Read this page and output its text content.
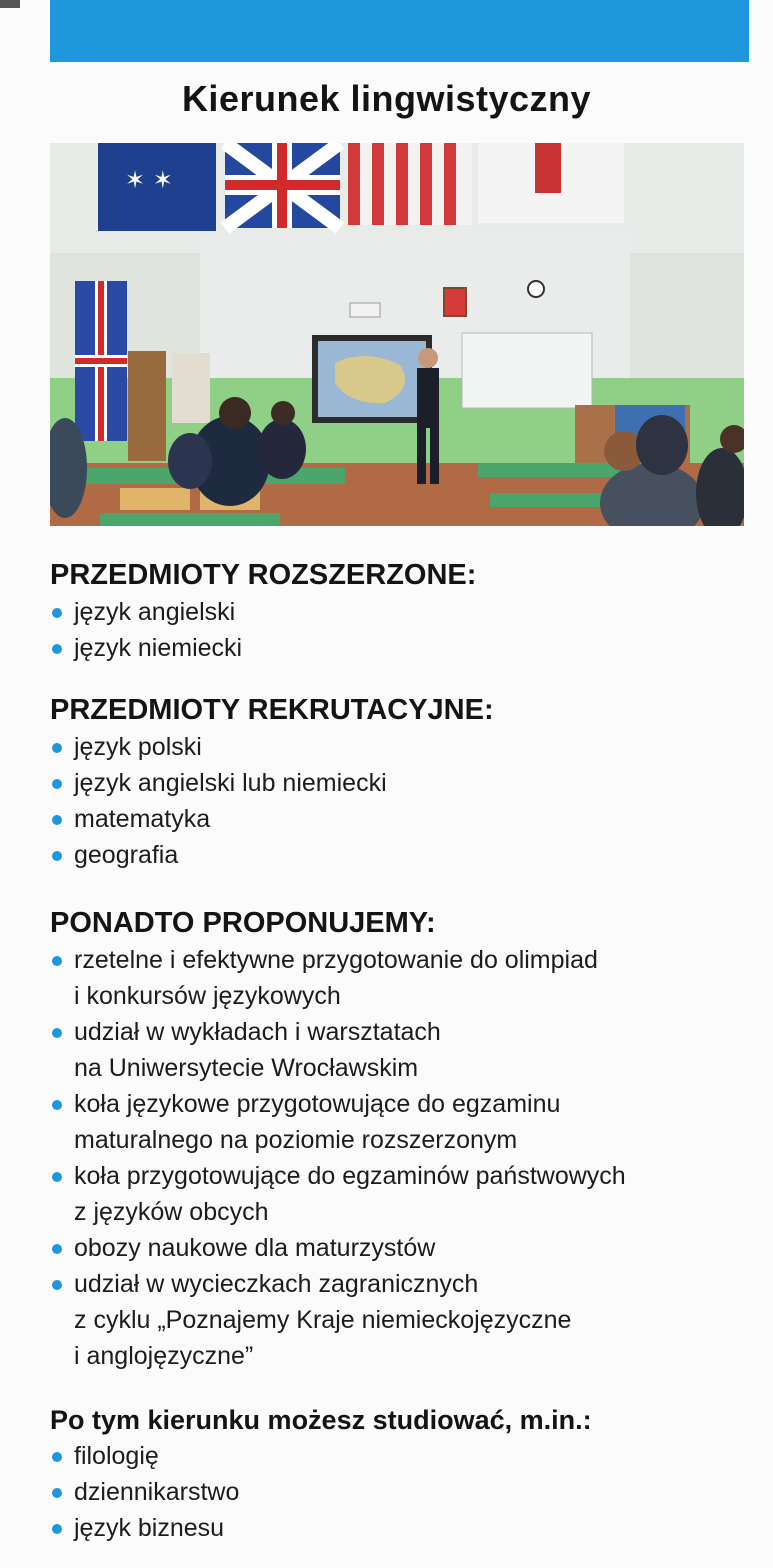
Kierunek lingwistyczny
✶ ✶
PRZEDMIOTY ROZSZERZONE:
język angielski
język niemiecki
PRZEDMIOTY REKRUTACYJNE:
język polski
język angielski lub niemiecki
matematyka
geografia
PONADTO PROPONUJEMY:
rzetelne i efektywne przygotowanie do olimpiad
i konkursów językowych
udział w wykładach i warsztatach
na Uniwersytecie Wrocławskim
koła językowe przygotowujące do egzaminu
maturalnego na poziomie rozszerzonym
koła przygotowujące do egzaminów państwowych
z języków obcych
obozy naukowe dla maturzystów
udział w wycieczkach zagranicznych
z cyklu „Poznajemy Kraje niemieckojęzyczne
i anglojęzyczne”
Po tym kierunku możesz studiować, m.in.:
filologię
dziennikarstwo
język biznesu
